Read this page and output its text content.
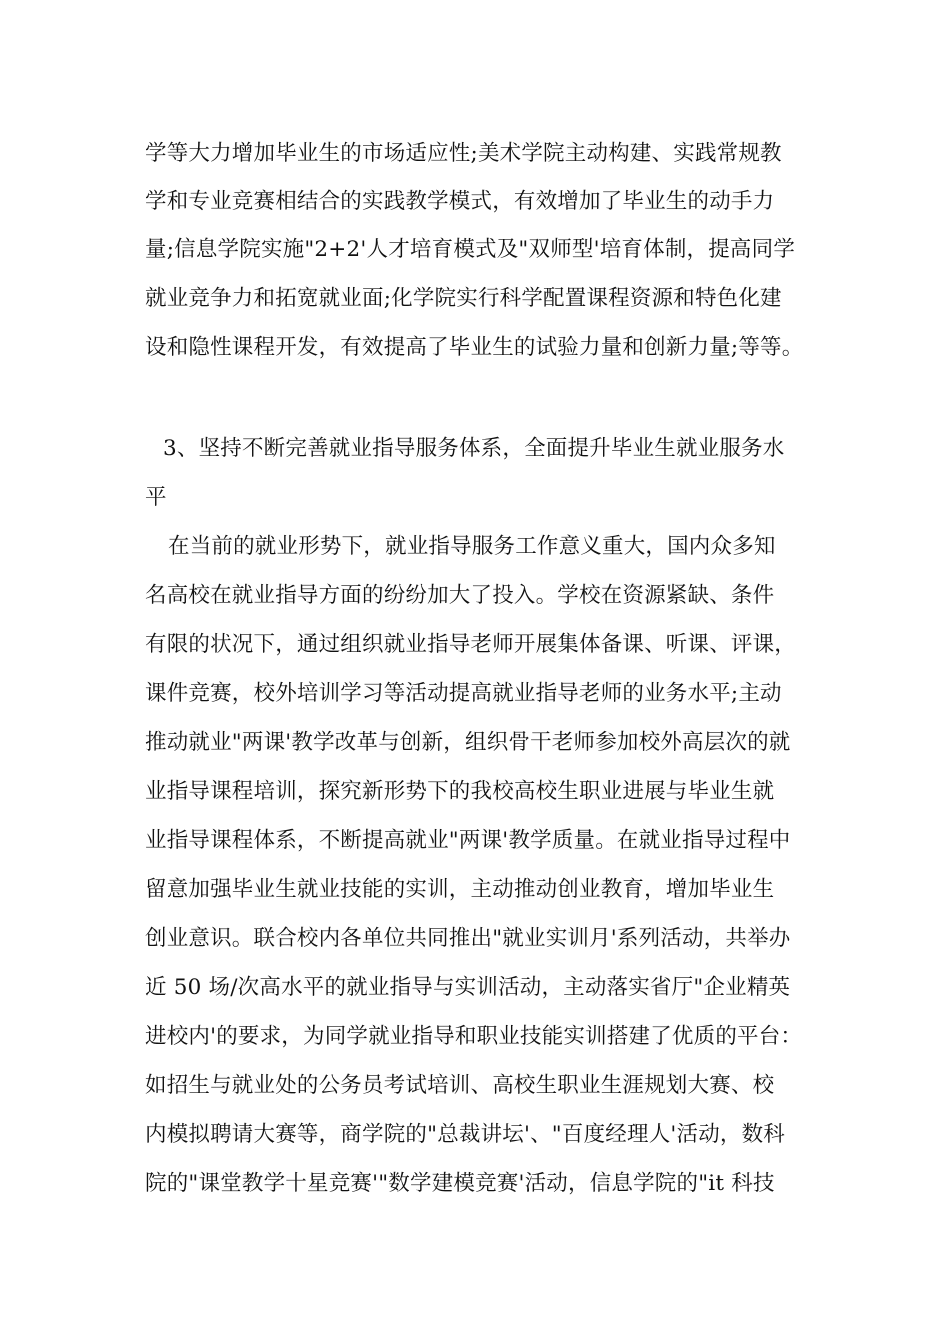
学等大力增加毕业生的市场适应性;美术学院主动构建、实践常规教
学和专业竞赛相结合的实践教学模式，有效增加了毕业生的动手力
量;信息学院实施"2+2'人才培育模式及"双师型'培育体制，提高同学
就业竞争力和拓宽就业面;化学院实行科学配置课程资源和特色化建
设和隐性课程开发，有效提高了毕业生的试验力量和创新力量;等等。
3、坚持不断完善就业指导服务体系，全面提升毕业生就业服务水
平
在当前的就业形势下，就业指导服务工作意义重大，国内众多知
名高校在就业指导方面的纷纷加大了投入。学校在资源紧缺、条件
有限的状况下，通过组织就业指导老师开展集体备课、听课、评课，
课件竞赛，校外培训学习等活动提高就业指导老师的业务水平;主动
推动就业"两课'教学改革与创新，组织骨干老师参加校外高层次的就
业指导课程培训，探究新形势下的我校高校生职业进展与毕业生就
业指导课程体系，不断提高就业"两课'教学质量。在就业指导过程中
留意加强毕业生就业技能的实训，主动推动创业教育，增加毕业生
创业意识。联合校内各单位共同推出"就业实训月'系列活动，共举办
近 50 场/次高水平的就业指导与实训活动，主动落实省厅"企业精英
进校内'的要求，为同学就业指导和职业技能实训搭建了优质的平台：
如招生与就业处的公务员考试培训、高校生职业生涯规划大赛、校
内模拟聘请大赛等，商学院的"总裁讲坛'、"百度经理人'活动，数科
院的"课堂教学十星竞赛'"数学建模竞赛'活动，信息学院的"it 科技
